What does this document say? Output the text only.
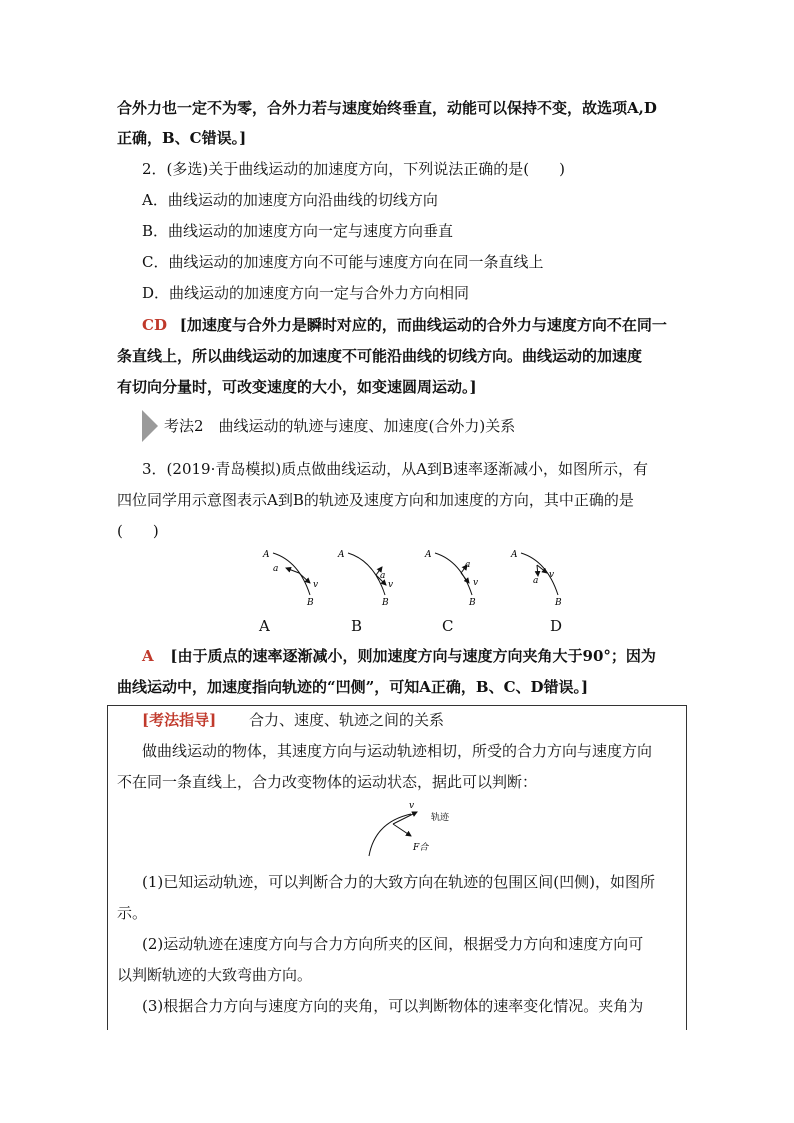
合外力也一定不为零，合外力若与速度始终垂直，动能可以保持不变，故选项A,D
正确，B、C错误。]
2．(多选)关于曲线运动的加速度方向，下列说法正确的是(　　)
A．曲线运动的加速度方向沿曲线的切线方向
B．曲线运动的加速度方向一定与速度方向垂直
C．曲线运动的加速度方向不可能与速度方向在同一条直线上
D．曲线运动的加速度方向一定与合外力方向相同
CD [加速度与合外力是瞬时对应的，而曲线运动的合外力与速度方向不在同一
条直线上，所以曲线运动的加速度不可能沿曲线的切线方向。曲线运动的加速度
有切向分量时，可改变速度的大小，如变速圆周运动。]
考法2　曲线运动的轨迹与速度、加速度(合外力)关系
3．(2019·青岛模拟)质点做曲线运动，从A到B速率逐渐减小，如图所示，有
四位同学用示意图表示A到B的轨迹及速度方向和加速度的方向，其中正确的是
(　　)
A
a
v
B
A
a
v
B
A
a
v
B
A
a
v
B
A	B	C	D
A [由于质点的速率逐渐减小，则加速度方向与速度方向夹角大于90°；因为
曲线运动中，加速度指向轨迹的“凹侧”，可知A正确，B、C、D错误。]
[考法指导] 合力、速度、轨迹之间的关系
做曲线运动的物体，其速度方向与运动轨迹相切，所受的合力方向与速度方向
不在同一条直线上，合力改变物体的运动状态，据此可以判断：
v
轨迹
F合
(1)已知运动轨迹，可以判断合力的大致方向在轨迹的包围区间(凹侧)，如图所
示。
(2)运动轨迹在速度方向与合力方向所夹的区间，根据受力方向和速度方向可
以判断轨迹的大致弯曲方向。
(3)根据合力方向与速度方向的夹角，可以判断物体的速率变化情况。夹角为
